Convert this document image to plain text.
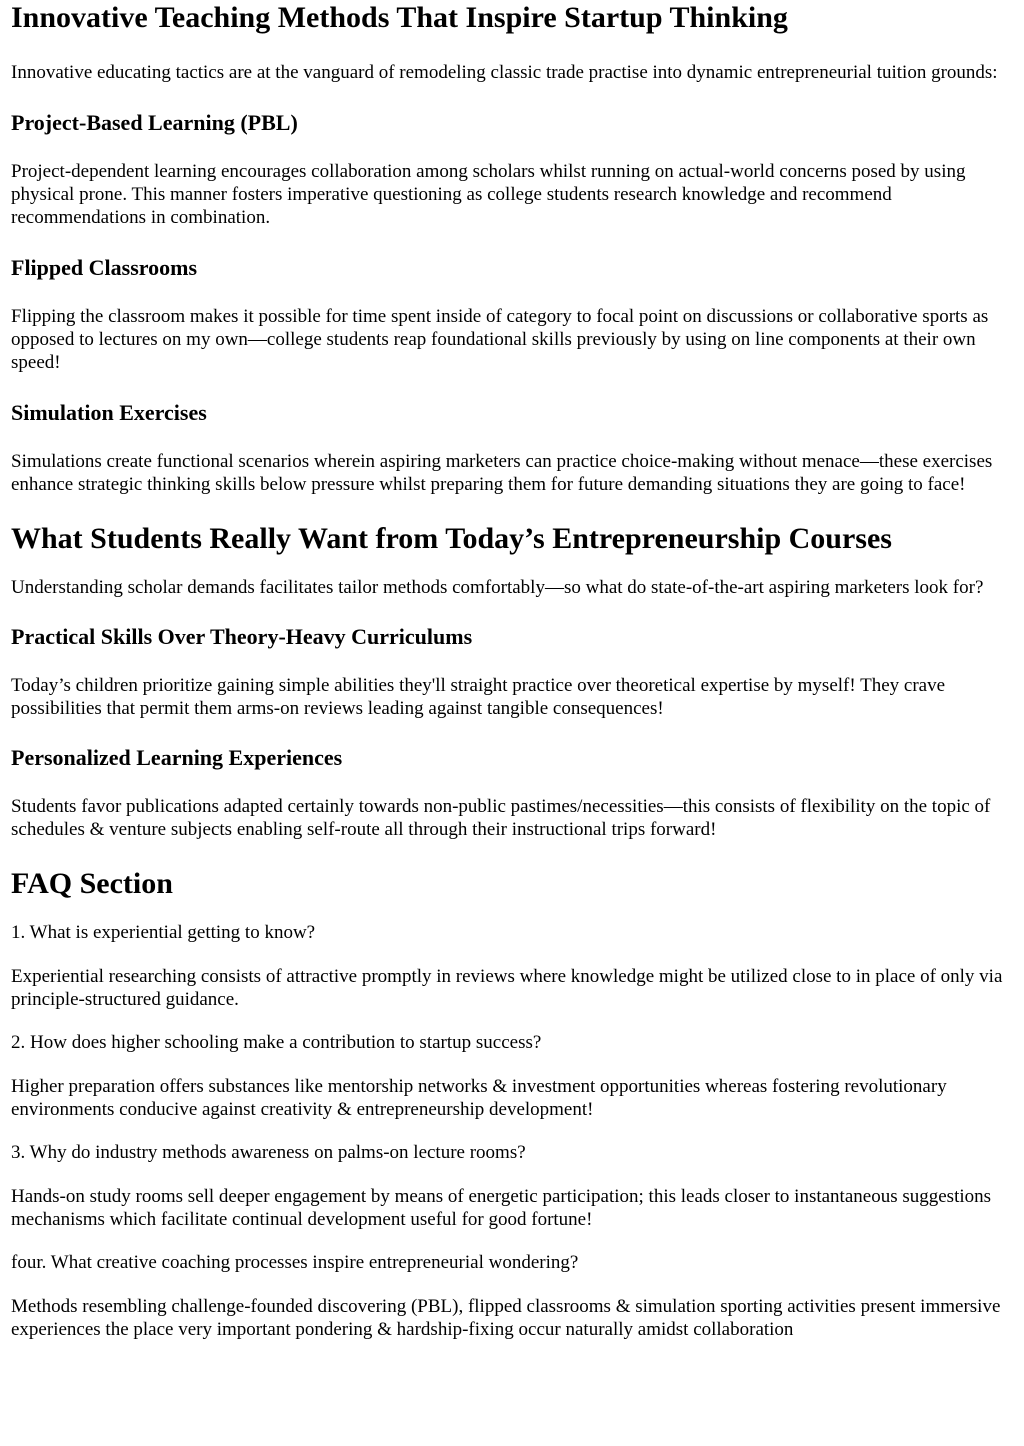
Innovative Teaching Methods That Inspire Startup Thinking

Innovative educating tactics are at the vanguard of remodeling classic trade practise into dynamic entrepreneurial tuition grounds:

Project-Based Learning (PBL)

Project-dependent learning encourages collaboration among scholars whilst running on actual-world concerns posed by using physical prone. This manner fosters imperative questioning as college students research knowledge and recommend recommendations in combination.

Flipped Classrooms

Flipping the classroom makes it possible for time spent inside of category to focal point on discussions or collaborative sports as opposed to lectures on my own—college students reap foundational skills previously by using on line components at their own speed!

Simulation Exercises

Simulations create functional scenarios wherein aspiring marketers can practice choice-making without menace—these exercises enhance strategic thinking skills below pressure whilst preparing them for future demanding situations they are going to face!

What Students Really Want from Today’s Entrepreneurship Courses

Understanding scholar demands facilitates tailor methods comfortably—so what do state-of-the-art aspiring marketers look for?

Practical Skills Over Theory-Heavy Curriculums

Today’s children prioritize gaining simple abilities they'll straight practice over theoretical expertise by myself! They crave possibilities that permit them arms-on reviews leading against tangible consequences!

Personalized Learning Experiences

Students favor publications adapted certainly towards non-public pastimes/necessities—this consists of flexibility on the topic of schedules & venture subjects enabling self-route all through their instructional trips forward!

FAQ Section

1. What is experiential getting to know?

Experiential researching consists of attractive promptly in reviews where knowledge might be utilized close to in place of only via principle-structured guidance.

2. How does higher schooling make a contribution to startup success?

Higher preparation offers substances like mentorship networks & investment opportunities whereas fostering revolutionary environments conducive against creativity & entrepreneurship development!

3. Why do industry methods awareness on palms-on lecture rooms?

Hands-on study rooms sell deeper engagement by means of energetic participation; this leads closer to instantaneous suggestions mechanisms which facilitate continual development useful for good fortune!

four. What creative coaching processes inspire entrepreneurial wondering?

Methods resembling challenge-founded discovering (PBL), flipped classrooms & simulation sporting activities present immersive experiences the place very important pondering & hardship-fixing occur naturally amidst collaboration
